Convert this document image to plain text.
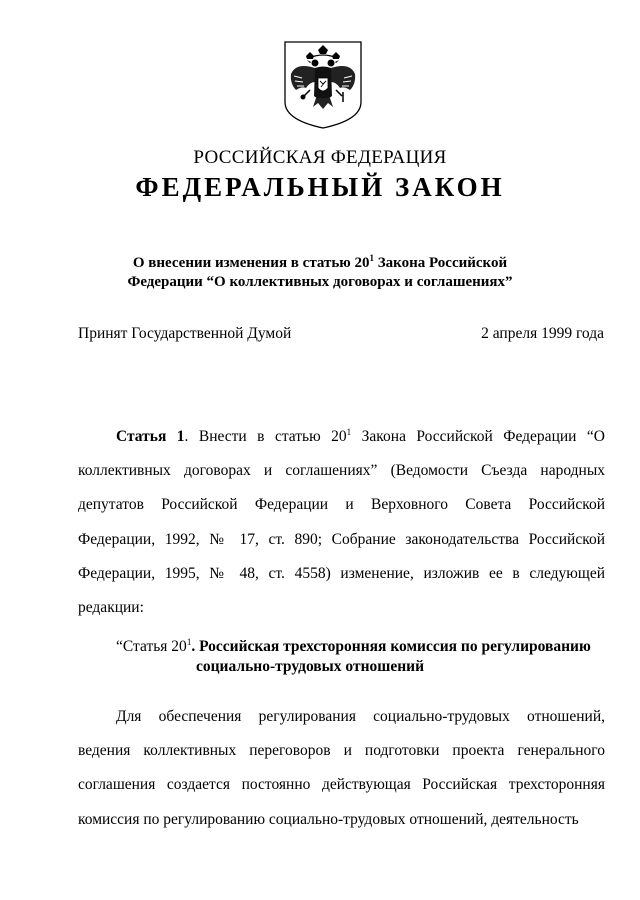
РОССИЙСКАЯ ФЕДЕРАЦИЯ
ФЕДЕРАЛЬНЫЙ ЗАКОН
О внесении изменения в статью $20^1$ Закона Российской
Федерации “О коллективных договорах и соглашениях”
Принят Государственной Думой	2 апреля 1999 года
Статья 1. Внести в статью $20^1$ Закона Российской Федерации “О коллективных договорах и соглашениях” (Ведомости Съезда народных депутатов Российской Федерации и Верховного Совета Российской Федерации, 1992, № 17, ст. 890; Собрание законодательства Российской Федерации, 1995, № 48, ст. 4558) изменение, изложив ее в следующей редакции:
“Статья $20^1$. Российская трехсторонняя комиссия по регулированию
социально-трудовых отношений
Для обеспечения регулирования социально-трудовых отношений, ведения коллективных переговоров и подготовки проекта генерального соглашения создается постоянно действующая Российская трехсторонняя комиссия по регулированию социально-трудовых отношений, деятельность
